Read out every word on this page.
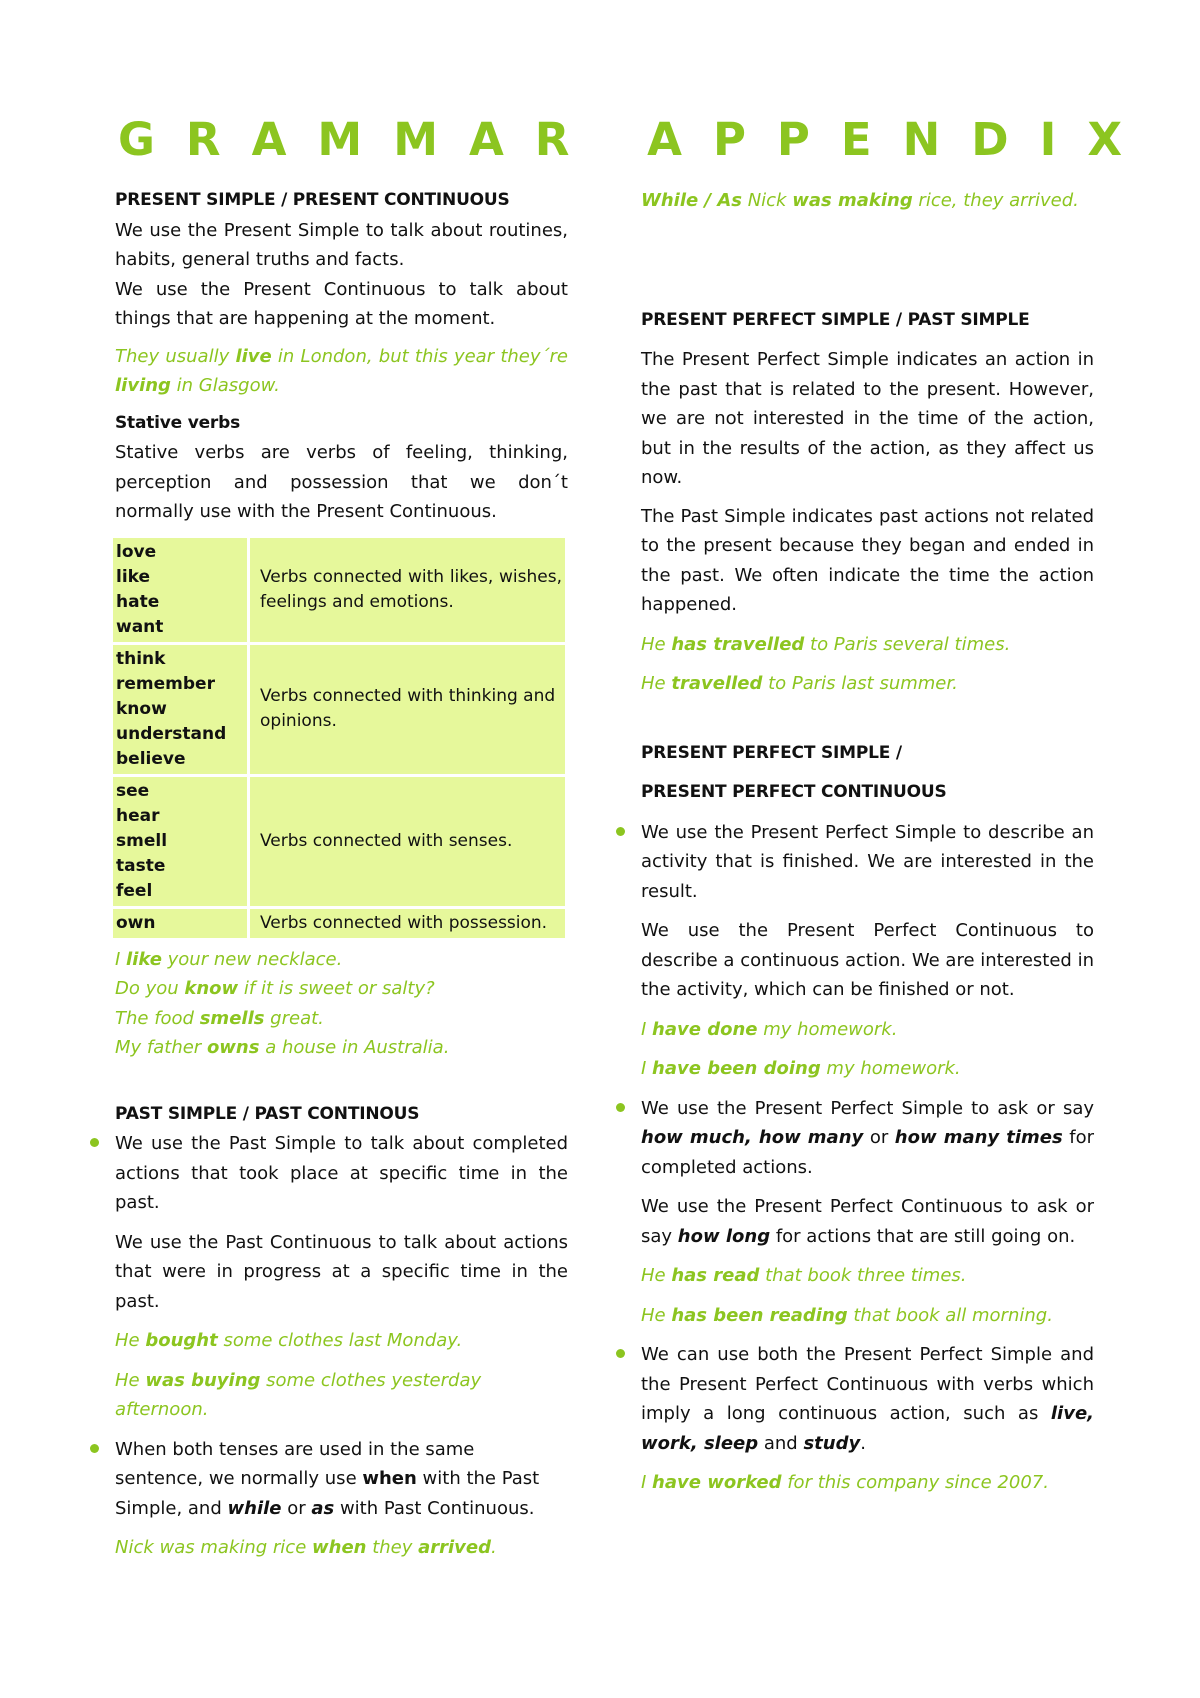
GRAMMAR APPENDIX

PRESENT SIMPLE / PRESENT CONTINUOUS

We use the Present Simple to talk about routines, habits, general truths and facts.

We use the Present Continuous to talk about things that are happening at the moment.

They usually live in London, but this year they´re living in Glasgow.

Stative verbs

Stative verbs are verbs of feeling, thinking, perception and possession that we don´t normally use with the Present Continuous.

love
like
hate
want	Verbs connected with likes, wishes, feelings and emotions.

think
remember
know
understand
believe	Verbs connected with thinking and opinions.

see
hear
smell
taste
feel	Verbs connected with senses.

own	Verbs connected with possession.

I like your new necklace.

Do you know if it is sweet or salty?

The food smells great.

My father owns a house in Australia.

PAST SIMPLE / PAST CONTINOUS

We use the Past Simple to talk about completed actions that took place at specific time in the past.

We use the Past Continuous to talk about actions that were in progress at a specific time in the past.

He bought some clothes last Monday.

He was buying some clothes yesterday afternoon.

When both tenses are used in the same sentence, we normally use when with the Past Simple, and while or as with Past Continuous.

Nick was making rice when they arrived.

While / As Nick was making rice, they arrived.

PRESENT PERFECT SIMPLE / PAST SIMPLE

The Present Perfect Simple indicates an action in the past that is related to the present. However, we are not interested in the time of the action, but in the results of the action, as they affect us now.

The Past Simple indicates past actions not related to the present because they began and ended in the past. We often indicate the time the action happened.

He has travelled to Paris several times.

He travelled to Paris last summer.

PRESENT PERFECT SIMPLE /

PRESENT PERFECT CONTINUOUS

We use the Present Perfect Simple to describe an activity that is finished. We are interested in the result.

We use the Present Perfect Continuous to describe a continuous action. We are interested in the activity, which can be finished or not.

I have done my homework.

I have been doing my homework.

We use the Present Perfect Simple to ask or say how much, how many or how many times for completed actions.

We use the Present Perfect Continuous to ask or say how long for actions that are still going on.

He has read that book three times.

He has been reading that book all morning.

We can use both the Present Perfect Simple and the Present Perfect Continuous with verbs which imply a long continuous action, such as live, work, sleep and study.

I have worked for this company since 2007.
